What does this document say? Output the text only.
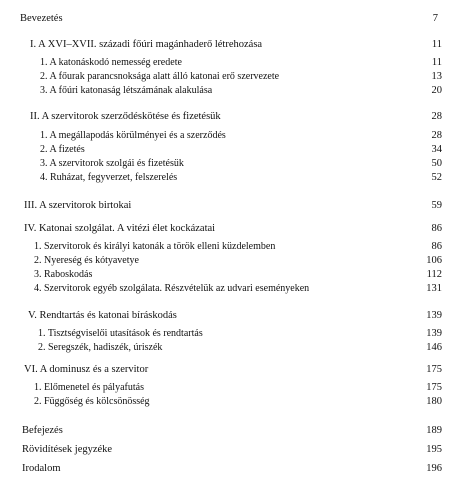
Bevezetés	7
I. A XVI–XVII. századi főúri magánhaderő létrehozása	11
1. A katonáskodó nemesség eredete	11
2. A főurak parancsnoksága alatt álló katonai erő szervezete	13
3. A főúri katonaság létszámának alakulása	20
II. A szervitorok szerződéskötése és fizetésük	28
1. A megállapodás körülményei és a szerződés	28
2. A fizetés	34
3. A szervitorok szolgái és fizetésük	50
4. Ruházat, fegyverzet, felszerelés	52
III. A szervitorok birtokai	59
IV. Katonai szolgálat. A vitézi élet kockázatai	86
1. Szervitorok és királyi katonák a török elleni küzdelemben	86
2. Nyereség és kótyavetye	106
3. Raboskodás	112
4. Szervitorok egyéb szolgálata. Részvételük az udvari eseményeken	131
V. Rendtartás és katonai bíráskodás	139
1. Tisztségviselői utasítások és rendtartás	139
2. Seregszék, hadiszék, úriszék	146
VI. A dominusz és a szervitor	175
1. Előmenetel és pályafutás	175
2. Függőség és kölcsönösség	180
Befejezés	189
Rövidítések jegyzéke	195
Irodalom	196
